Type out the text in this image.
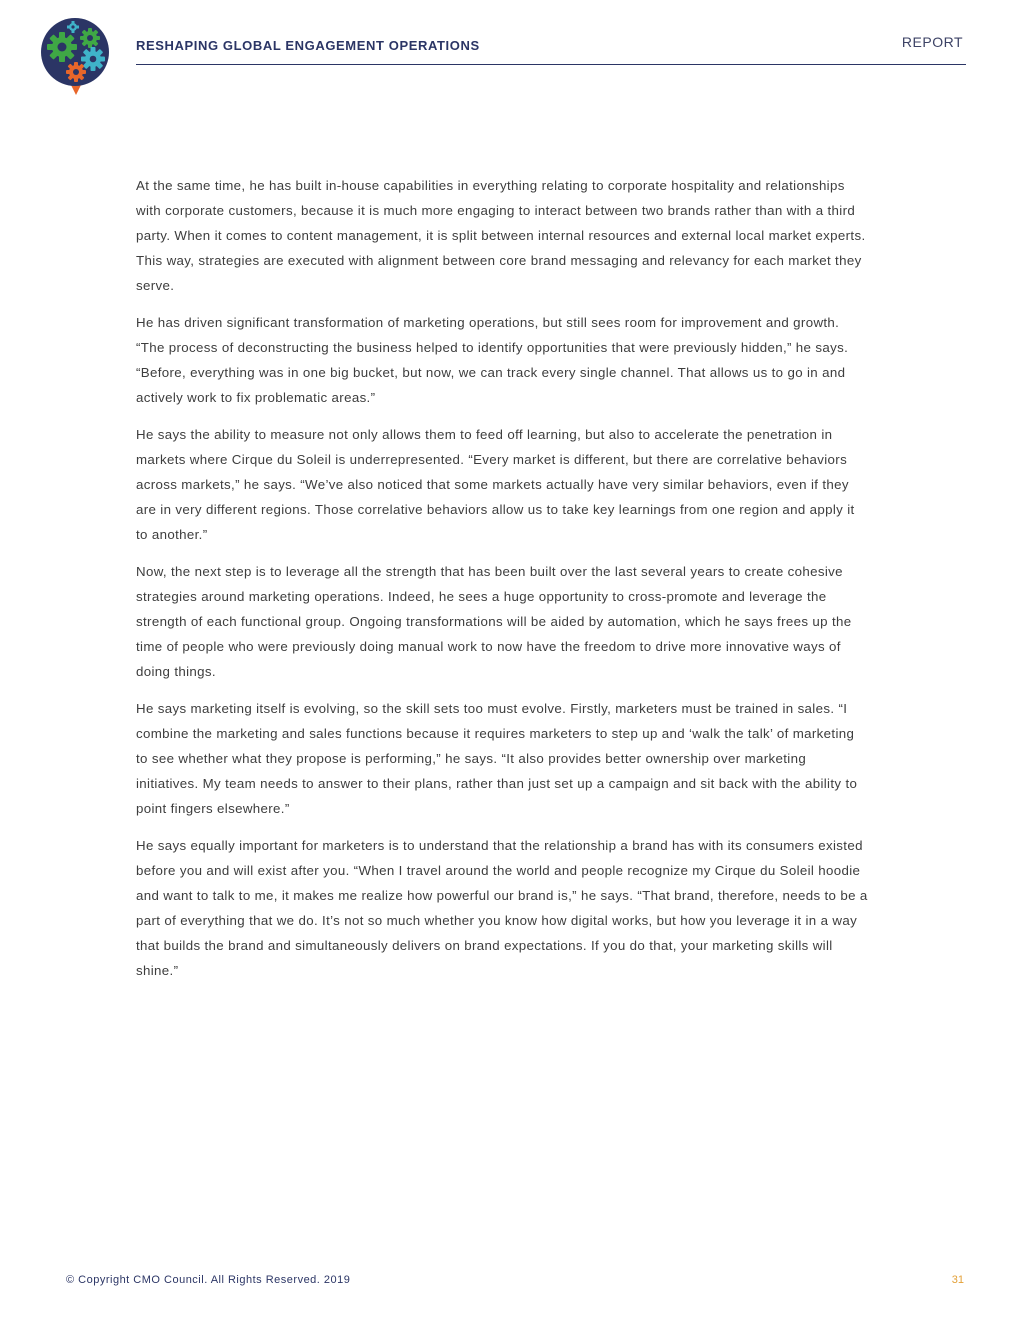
RESHAPING GLOBAL ENGAGEMENT OPERATIONS	REPORT

At the same time, he has built in-house capabilities in everything relating to corporate hospitality and relationships with corporate customers, because it is much more engaging to interact between two brands rather than with a third party. When it comes to content management, it is split between internal resources and external local market experts. This way, strategies are executed with alignment between core brand messaging and relevancy for each market they serve.

He has driven significant transformation of marketing operations, but still sees room for improvement and growth. “The process of deconstructing the business helped to identify opportunities that were previously hidden,” he says. “Before, everything was in one big bucket, but now, we can track every single channel. That allows us to go in and actively work to fix problematic areas.”

He says the ability to measure not only allows them to feed off learning, but also to accelerate the penetration in markets where Cirque du Soleil is underrepresented. “Every market is different, but there are correlative behaviors across markets,” he says. “We’ve also noticed that some markets actually have very similar behaviors, even if they are in very different regions. Those correlative behaviors allow us to take key learnings from one region and apply it to another.”

Now, the next step is to leverage all the strength that has been built over the last several years to create cohesive strategies around marketing operations. Indeed, he sees a huge opportunity to cross-promote and leverage the strength of each functional group. Ongoing transformations will be aided by automation, which he says frees up the time of people who were previously doing manual work to now have the freedom to drive more innovative ways of doing things.

He says marketing itself is evolving, so the skill sets too must evolve. Firstly, marketers must be trained in sales. “I combine the marketing and sales functions because it requires marketers to step up and ‘walk the talk’ of marketing to see whether what they propose is performing,” he says. “It also provides better ownership over marketing initiatives. My team needs to answer to their plans, rather than just set up a campaign and sit back with the ability to point fingers elsewhere.”

He says equally important for marketers is to understand that the relationship a brand has with its consumers existed before you and will exist after you. “When I travel around the world and people recognize my Cirque du Soleil hoodie and want to talk to me, it makes me realize how powerful our brand is,” he says. “That brand, therefore, needs to be a part of everything that we do. It’s not so much whether you know how digital works, but how you leverage it in a way that builds the brand and simultaneously delivers on brand expectations. If you do that, your marketing skills will shine.”

© Copyright CMO Council. All Rights Reserved. 2019	31
